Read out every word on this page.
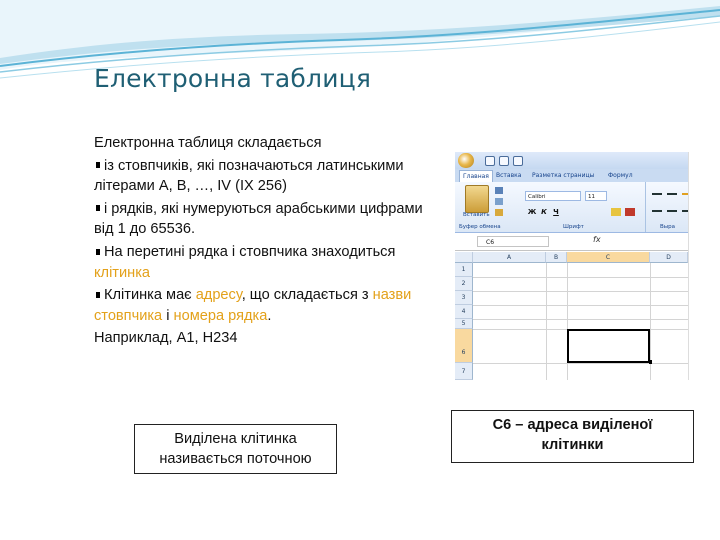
Електронна таблиця

Електронна таблиця складається

із стовпчиків, які позначаються латинськими літерами А, В, …, IV (ІХ 256)

і рядків, які нумеруються арабськими цифрами від 1 до 65536.

На перетині рядка і стовпчика знаходиться клітинка

Клітинка має адресу, що складається з назви стовпчика і номера рядка.

Наприклад, А1, Н234

Главная	Вставка	Разметка страницы	Формул
Вставить
Буфер обмена
Calibri	11
Ж К Ч
Шрифт	Выра
C6	fx
A	B	C	D
1
2
3
4
5
6
7
Виділена клітинка
називається поточною
С6 – адреса виділеної
клітинки
